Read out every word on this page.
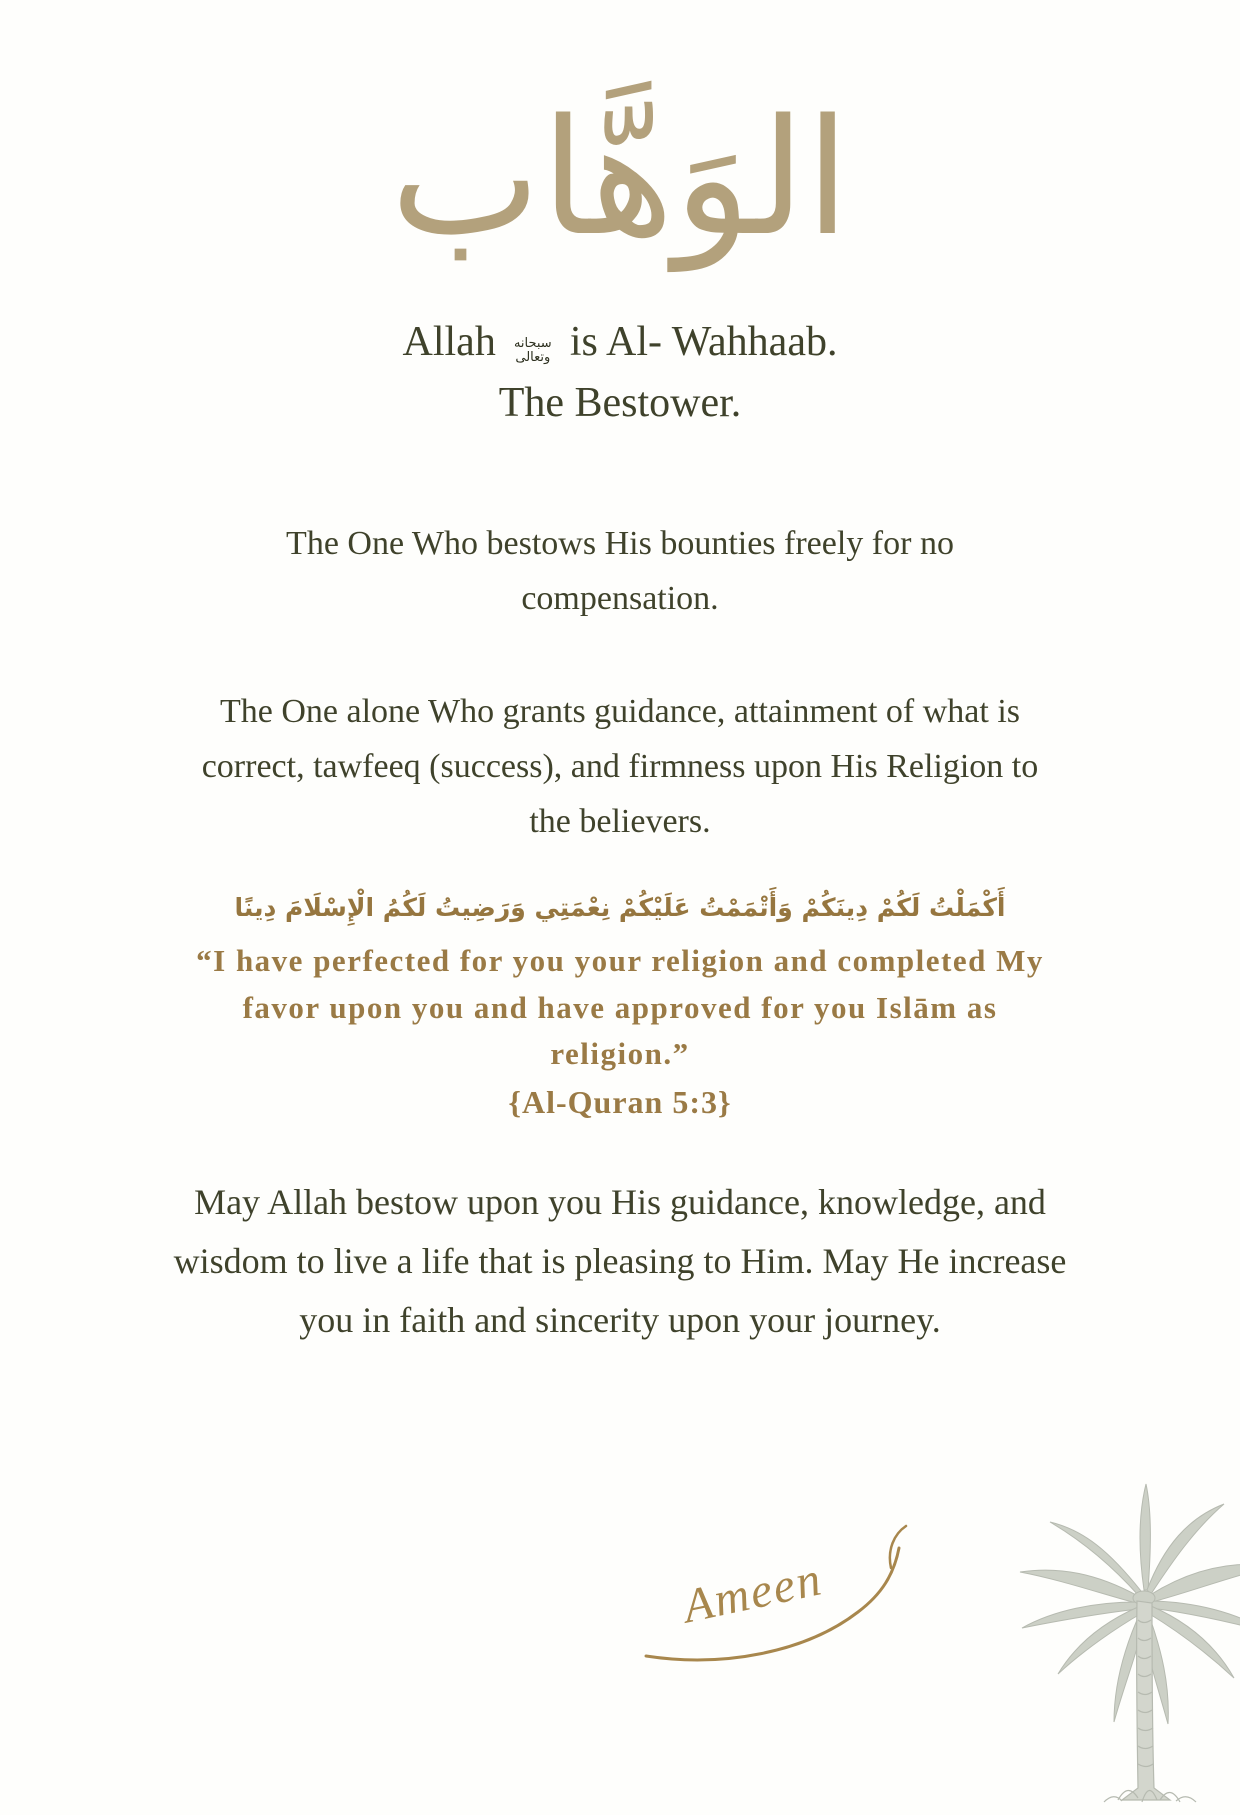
الوَهَّاب
Allah سبحانه وتعالى is Al- Wahhaab.
The Bestower.
The One Who bestows His bounties freely for no compensation.
The One alone Who grants guidance, attainment of what is correct, tawfeeq (success), and firmness upon His Religion to the believers.
أَكْمَلْتُ لَكُمْ دِينَكُمْ وَأَتْمَمْتُ عَلَيْكُمْ نِعْمَتِي وَرَضِيتُ لَكُمُ الْإِسْلَامَ دِينًا
“I have perfected for you your religion and completed My favor upon you and have approved for you Islām as religion.”
{Al-Quran 5:3}
May Allah bestow upon you His guidance, knowledge, and wisdom to live a life that is pleasing to Him. May He increase you in faith and sincerity upon your journey.
Ameen
